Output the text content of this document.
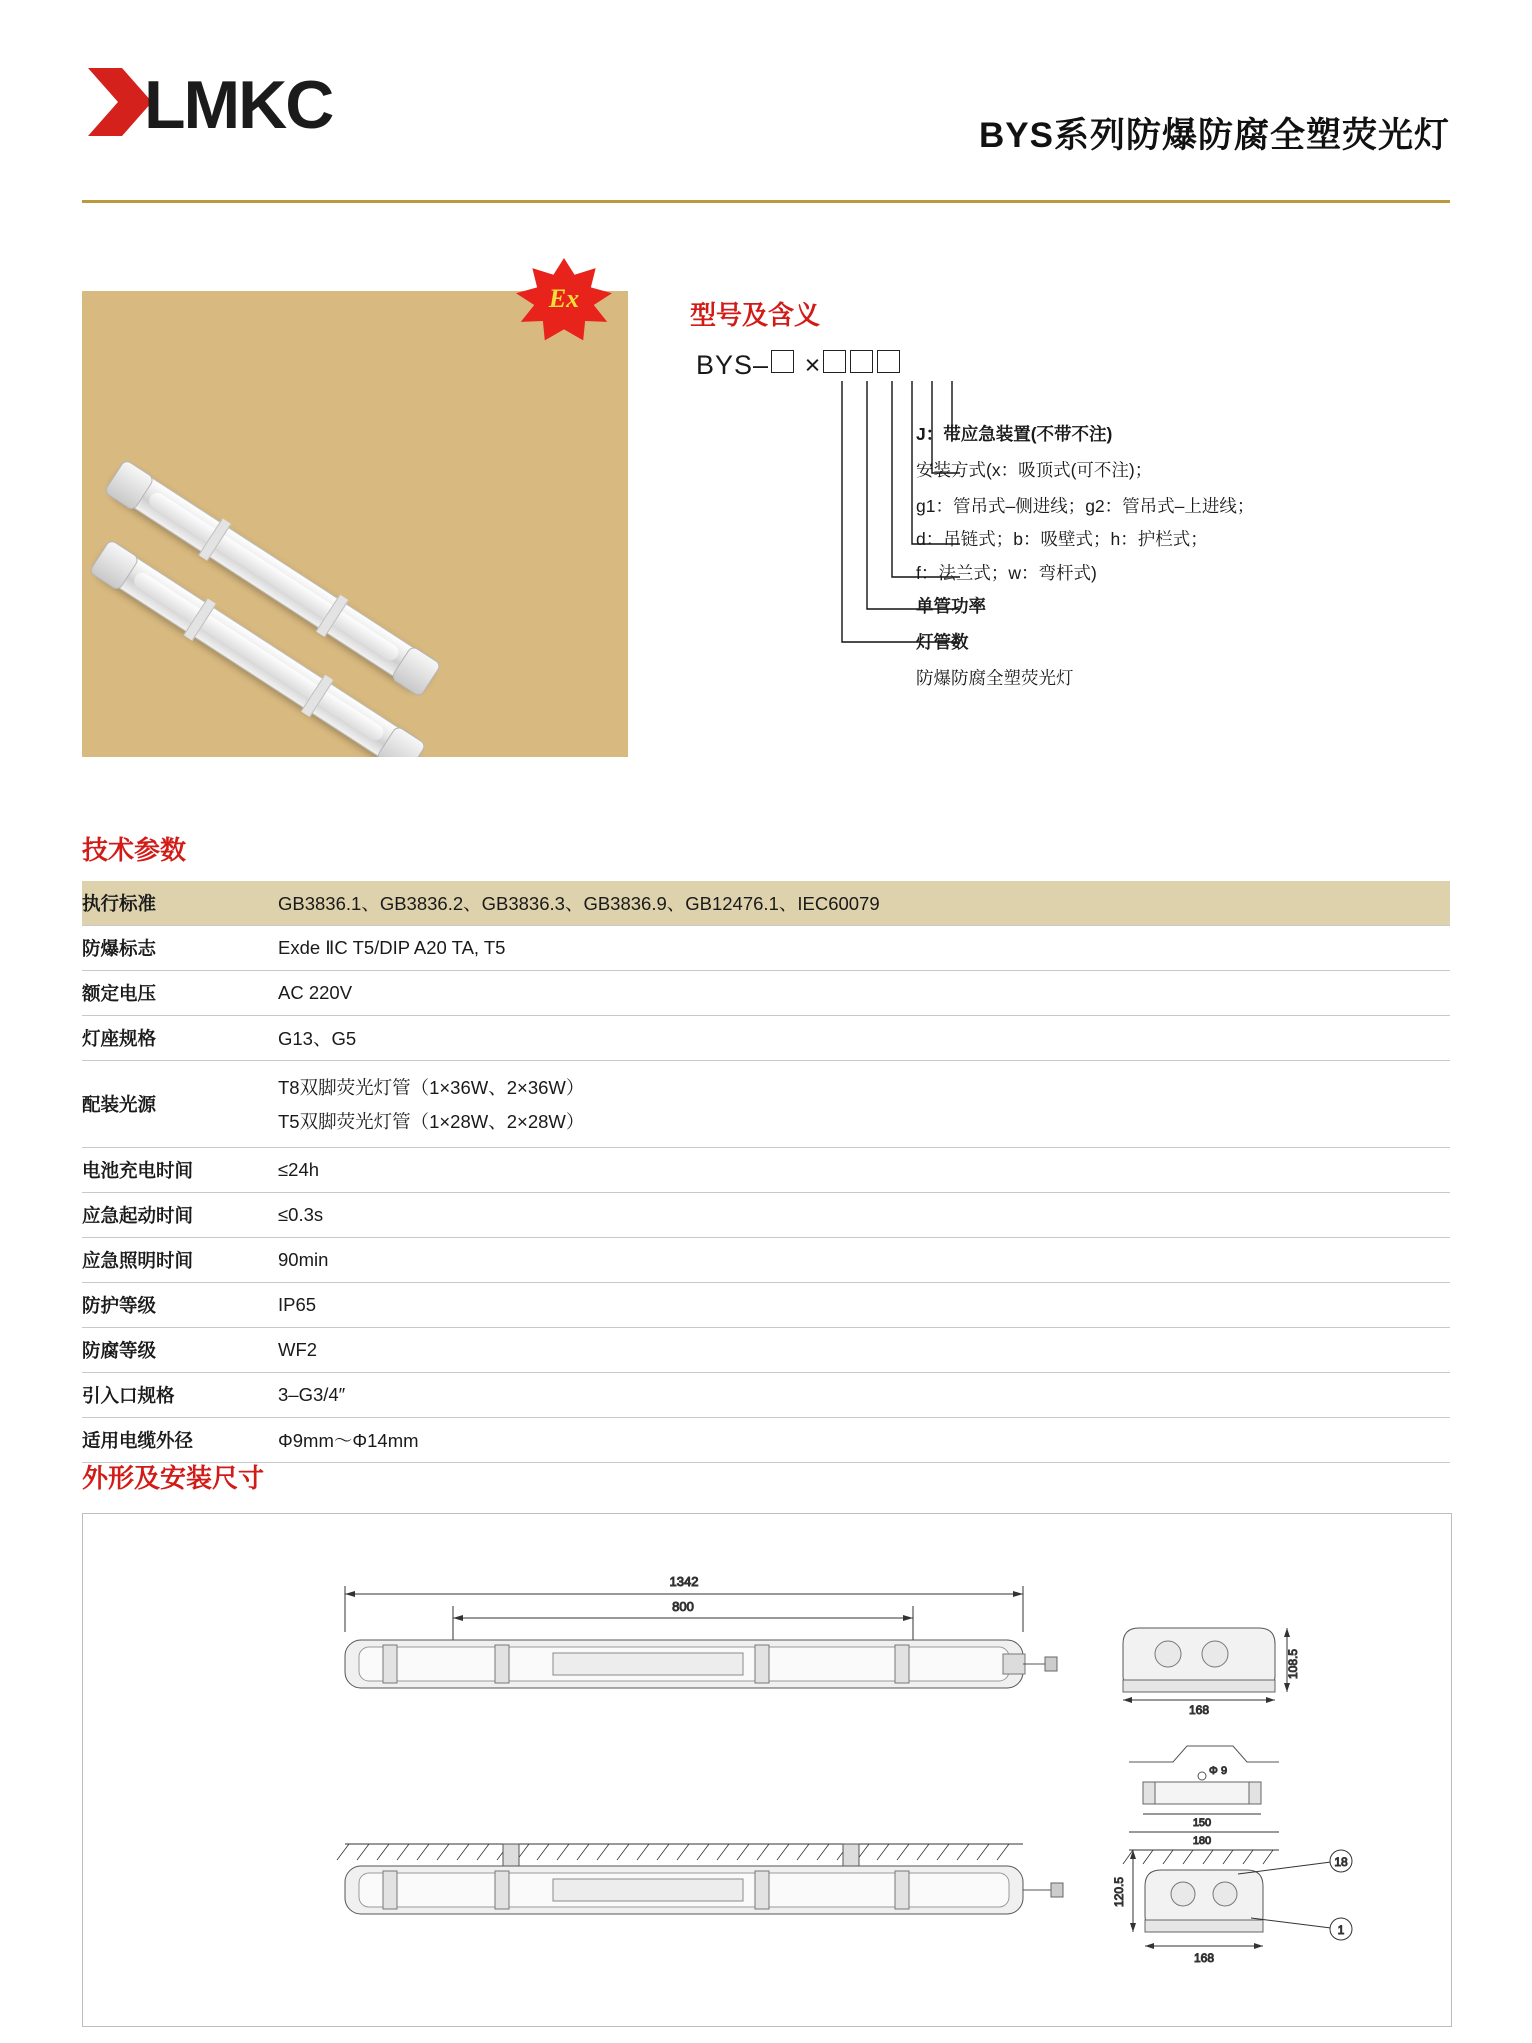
LMKC	BYS系列防爆防腐全塑荧光灯
Ex
型号及含义
BYS– ×
J：带应急装置(不带不注)
安装方式(x：吸顶式(可不注)；
g1：管吊式–侧进线；g2：管吊式–上进线；
d：吊链式；b：吸壁式；h：护栏式；
f：法兰式；w：弯杆式)
单管功率
灯管数
防爆防腐全塑荧光灯
技术参数
执行标准	GB3836.1、GB3836.2、GB3836.3、GB3836.9、GB12476.1、IEC60079
防爆标志	Exde ⅡC T5/DIP A20 TA, T5
额定电压	AC 220V
灯座规格	G13、G5
配装光源	T8双脚荧光灯管（1×36W、2×36W）
T5双脚荧光灯管（1×28W、2×28W）

电池充电时间	≤24h
应急起动时间	≤0.3s
应急照明时间	90min
防护等级	IP65
防腐等级	WF2
引入口规格	3–G3/4″
适用电缆外径	Φ9mm～Φ14mm
外形及安装尺寸
1342
800
168
108.5
Φ 9
150
180
120.5
168
18
1
